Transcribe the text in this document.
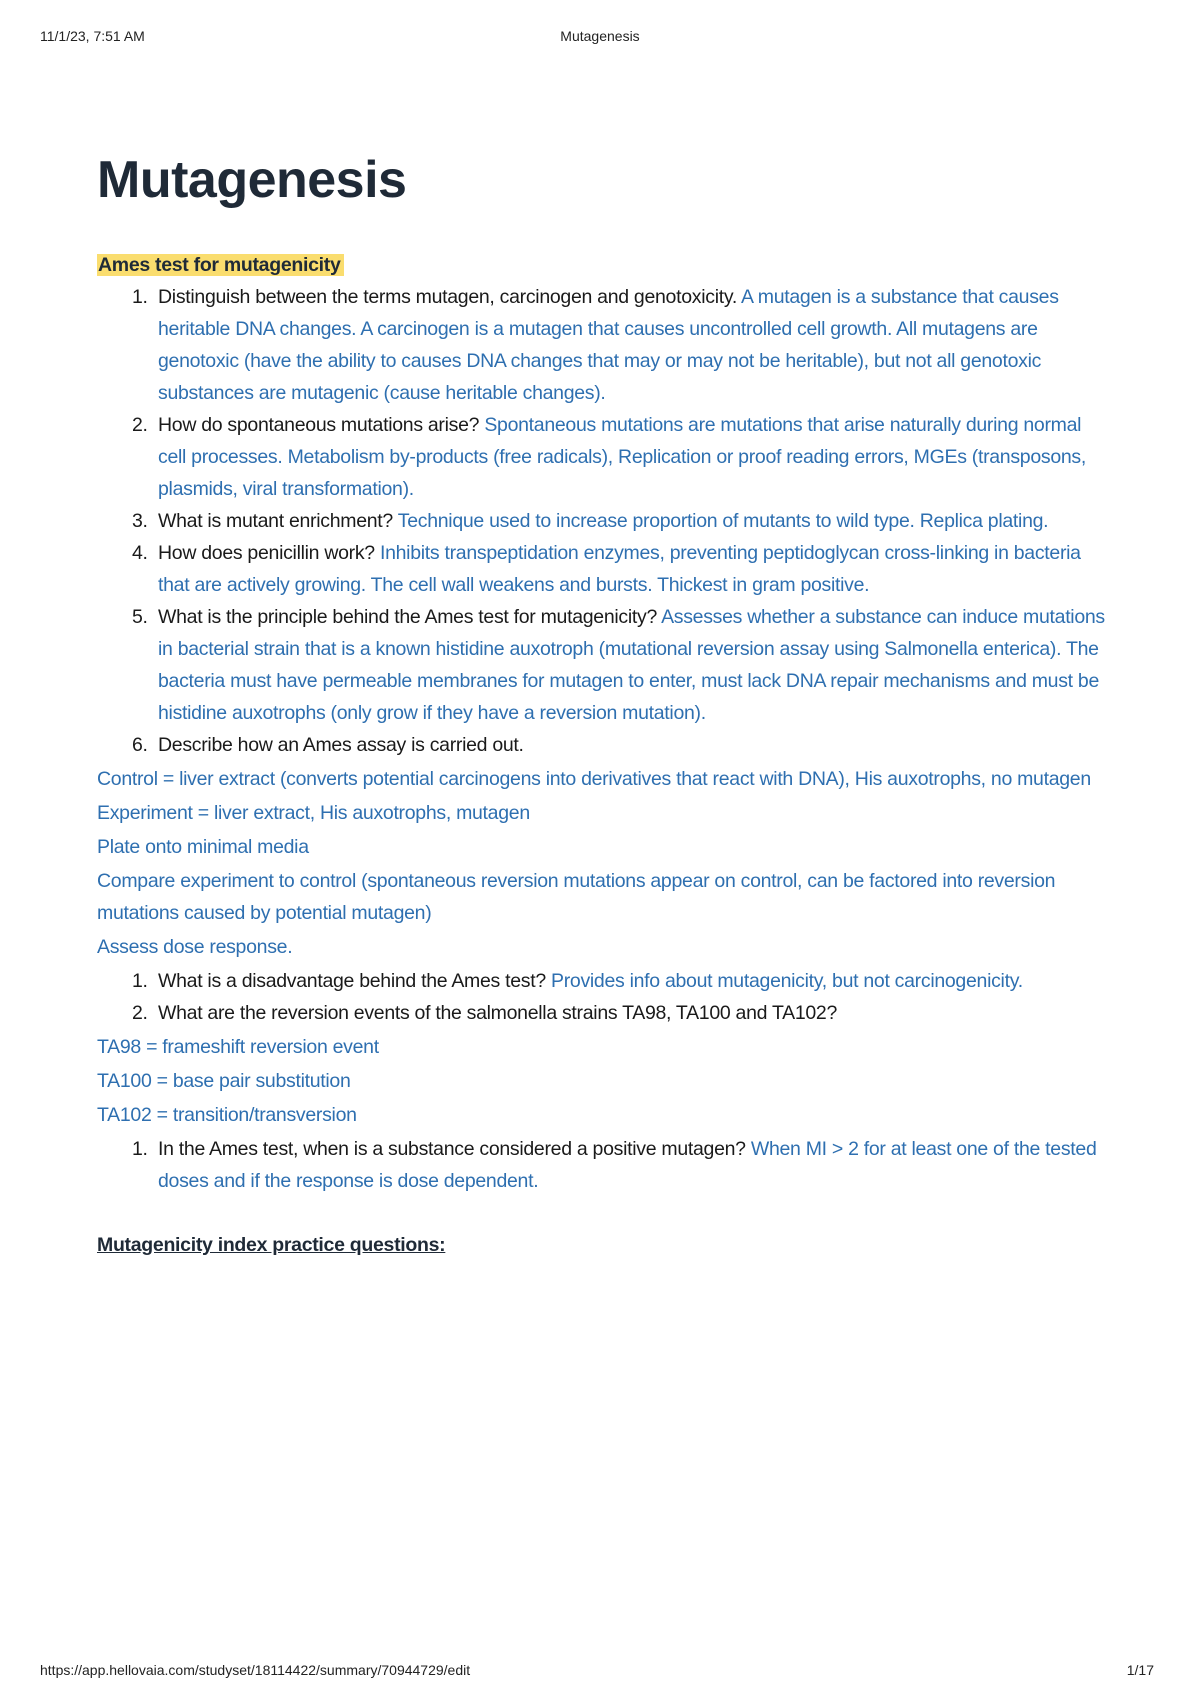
11/1/23, 7:51 AM	Mutagenesis
Mutagenesis
Ames test for mutagenicity
1. Distinguish between the terms mutagen, carcinogen and genotoxicity. A mutagen is a substance that causes heritable DNA changes. A carcinogen is a mutagen that causes uncontrolled cell growth. All mutagens are genotoxic (have the ability to causes DNA changes that may or may not be heritable), but not all genotoxic substances are mutagenic (cause heritable changes).
2. How do spontaneous mutations arise? Spontaneous mutations are mutations that arise naturally during normal cell processes. Metabolism by-products (free radicals), Replication or proof reading errors, MGEs (transposons, plasmids, viral transformation).
3. What is mutant enrichment? Technique used to increase proportion of mutants to wild type. Replica plating.
4. How does penicillin work? Inhibits transpeptidation enzymes, preventing peptidoglycan cross-linking in bacteria that are actively growing. The cell wall weakens and bursts. Thickest in gram positive.
5. What is the principle behind the Ames test for mutagenicity? Assesses whether a substance can induce mutations in bacterial strain that is a known histidine auxotroph (mutational reversion assay using Salmonella enterica). The bacteria must have permeable membranes for mutagen to enter, must lack DNA repair mechanisms and must be histidine auxotrophs (only grow if they have a reversion mutation).
6. Describe how an Ames assay is carried out.
Control = liver extract (converts potential carcinogens into derivatives that react with DNA), His auxotrophs, no mutagen
Experiment = liver extract, His auxotrophs, mutagen
Plate onto minimal media
Compare experiment to control (spontaneous reversion mutations appear on control, can be factored into reversion mutations caused by potential mutagen)
Assess dose response.
1. What is a disadvantage behind the Ames test? Provides info about mutagenicity, but not carcinogenicity.
2. What are the reversion events of the salmonella strains TA98, TA100 and TA102?
TA98 = frameshift reversion event
TA100 = base pair substitution
TA102 = transition/transversion
1. In the Ames test, when is a substance considered a positive mutagen? When MI > 2 for at least one of the tested doses and if the response is dose dependent.
Mutagenicity index practice questions:
https://app.hellovaia.com/studyset/18114422/summary/70944729/edit	1/17
